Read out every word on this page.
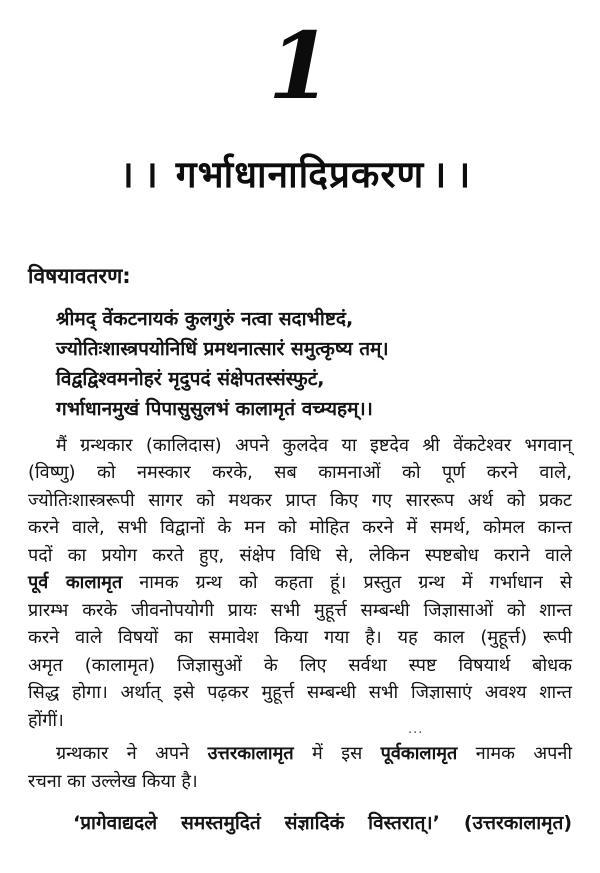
1
।। गर्भाधानादिप्रकरण ।।
विषयावतरण:
श्रीमद् वेंकटनायकं कुलगुरुं नत्वा सदाभीष्टदं,
ज्योतिःशास्त्रपयोनिधिं प्रमथनात्सारं समुत्कृष्य तम्।
विद्वद्विश्वमनोहरं मृदुपदं संक्षेपतस्संस्फुटं,
गर्भाधानमुखं पिपासुसुलभं कालामृतं वच्म्यहम्।।
मैं ग्रन्थकार (कालिदास) अपने कुलदेव या इष्टदेव श्री वेंकटेश्वर भगवान्
(विष्णु) को नमस्कार करके, सब कामनाओं को पूर्ण करने वाले,
ज्योतिःशास्त्ररूपी सागर को मथकर प्राप्त किए गए साररूप अर्थ को प्रकट
करने वाले, सभी विद्वानों के मन को मोहित करने में समर्थ, कोमल कान्त
पदों का प्रयोग करते हुए, संक्षेप विधि से, लेकिन स्पष्टबोध कराने वाले
पूर्व कालामृत नामक ग्रन्थ को कहता हूं। प्रस्तुत ग्रन्थ में गर्भाधान से
प्रारम्भ करके जीवनोपयोगी प्रायः सभी मुहूर्त्त सम्बन्धी जिज्ञासाओं को शान्त
करने वाले विषयों का समावेश किया गया है। यह काल (मुहूर्त्त) रूपी
अमृत (कालामृत) जिज्ञासुओं के लिए सर्वथा स्पष्ट विषयार्थ बोधक
सिद्ध होगा। अर्थात् इसे पढ़कर मुहूर्त्त सम्बन्धी सभी जिज्ञासाएं अवश्य शान्त
होंगीं।
ग्रन्थकार ने अपने उत्तरकालामृत में इस पूर्वकालामृत नामक अपनी
रचना का उल्लेख किया है।
‘प्रागेवाद्यदले समस्तमुदितं संज्ञादिकं विस्तरात्।’ (उत्तरकालामृत)
···
